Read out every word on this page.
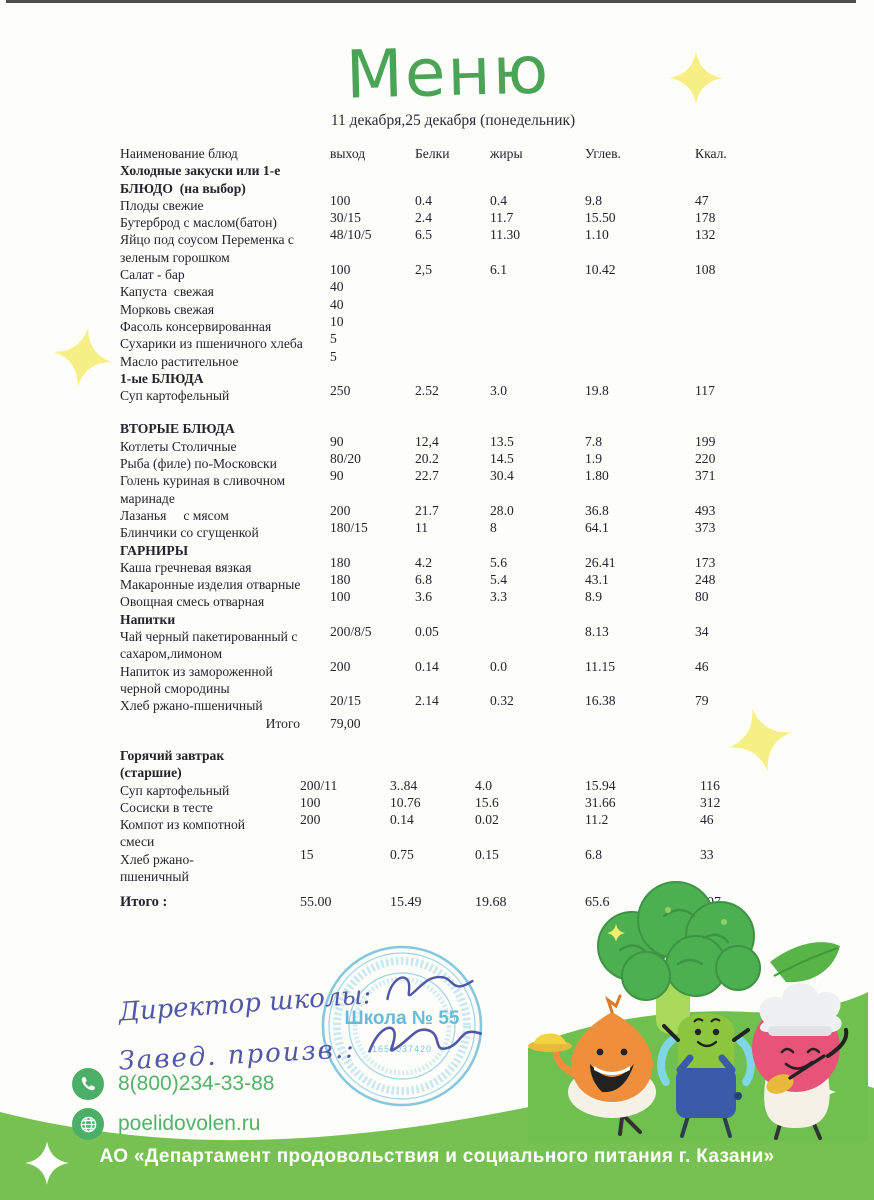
Меню
11 декабря,25 декабря (понедельник)
Наименование блюд	выход	Белки	жиры	Углев.	Ккал.
Холодные закуски или 1-е
БЛЮДО  (на выбор)
Плоды свежие	100	0.4	0.4	9.8	47
Бутерброд с маслом(батон)	30/15	2.4	11.7	15.50	178
Яйцо под соусом Переменка с
зеленым горошком
48/10/5	6.5	11.30	1.10	132
Салат - бар	100	2,5	6.1	10.42	108
Капуста  свежая	40
Морковь свежая	40
Фасоль консервированная	10
Сухарики из пшеничного хлеба	5
Масло растительное	5
1-ые БЛЮДА
Суп картофельный	250	2.52	3.0	19.8	117
ВТОРЫЕ БЛЮДА
Котлеты Столичные	90	12,4	13.5	7.8	199
Рыба (филе) по-Московски	80/20	20.2	14.5	1.9	220
Голень куриная в сливочном
маринаде
90	22.7	30.4	1.80	371
Лазанья     с мясом	200	21.7	28.0	36.8	493
Блинчики со сгущенкой	180/15	11	8	64.1	373
ГАРНИРЫ
Каша гречневая вязкая	180	4.2	5.6	26.41	173
Макаронные изделия отварные	180	6.8	5.4	43.1	248
Овощная смесь отварная	100	3.6	3.3	8.9	80
Напитки
Чай черный пакетированный с
сахаром,лимоном
200/8/5	0.05	8.13	34
Напиток из замороженной
черной смородины
200	0.14	0.0	11.15	46
Хлеб ржано-пшеничный	20/15	2.14	0.32	16.38	79
Итого	79,00
Горячий завтрак
(старшие)
Суп картофельный	200/11	3..84	4.0	15.94	116
Сосиски в тесте	100	10.76	15.6	31.66	312
Компот из компотной
смеси
200	0.14	0.02	11.2	46
Хлеб ржано-
пшеничный
15	0.75	0.15	6.8	33
Итого :	55.00	15.49	19.68	65.6
Школа № 55
1658037420
Директор школы:
Завед. произв.:
АО «Департамент продовольствия и социального питания г. Казани»
8(800)234-33-88
poelidovolen.ru
